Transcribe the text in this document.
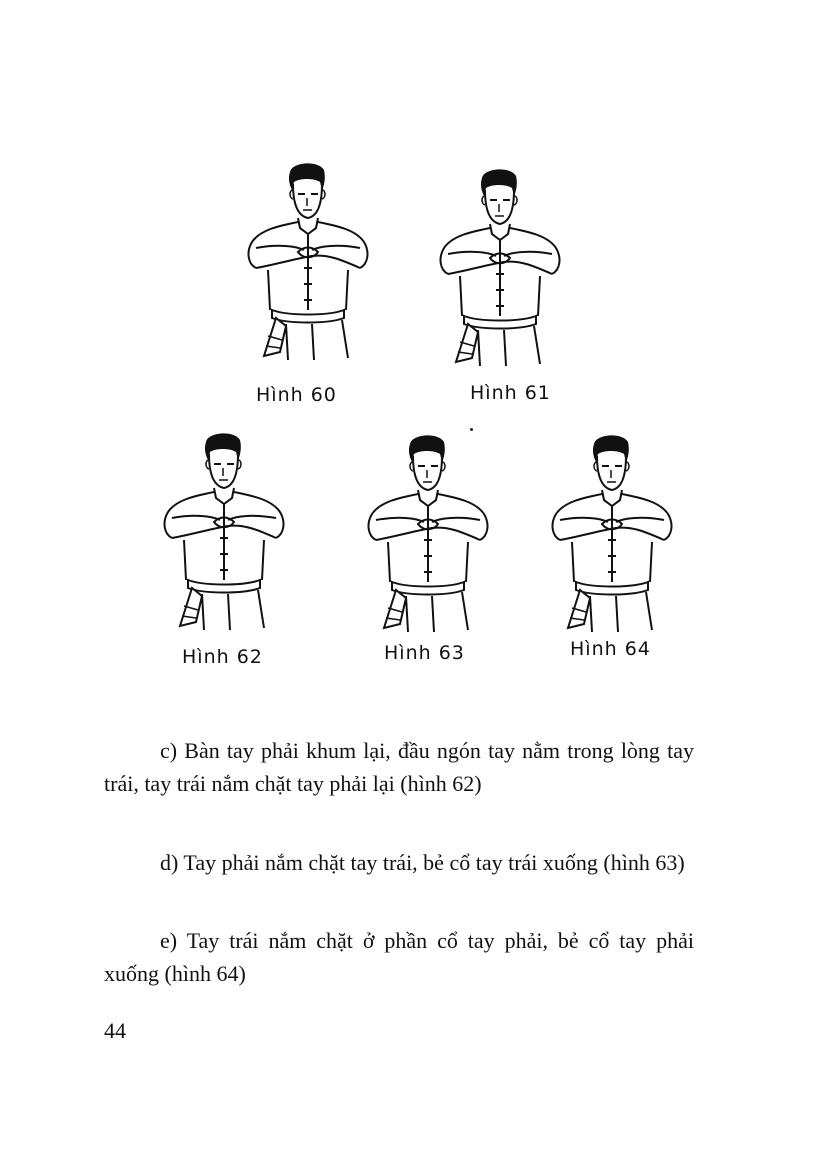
Hình 60	Hình 61
Hình 62	Hình 63	Hình 64

c) Bàn tay phải khum lại, đầu ngón tay nằm trong lòng tay trái, tay trái nắm chặt tay phải lại (hình 62)

d) Tay phải nắm chặt tay trái, bẻ cổ tay trái xuống (hình 63)

e) Tay trái nắm chặt ở phần cổ tay phải, bẻ cổ tay phải xuống (hình 64)

44
